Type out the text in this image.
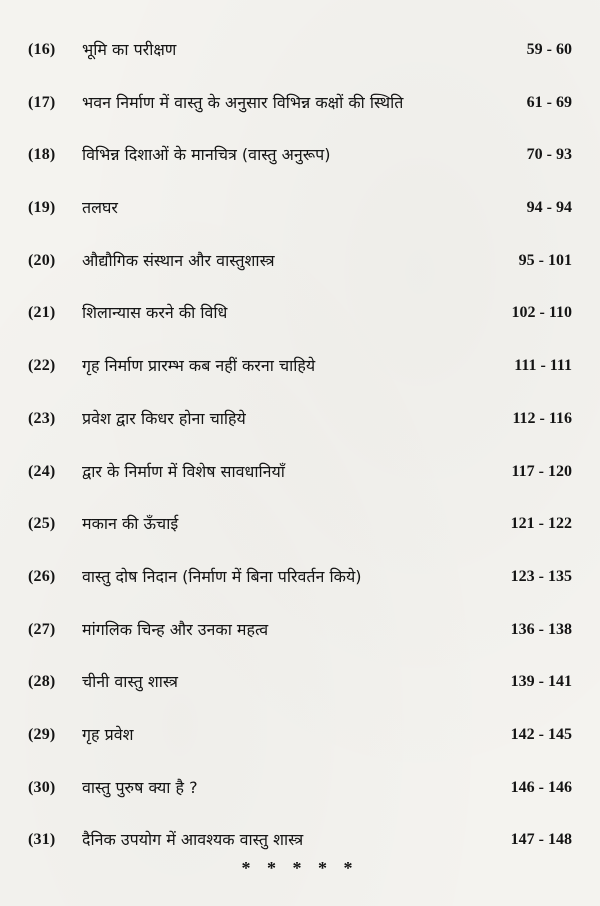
(16) भूमि का परीक्षण	59 - 60
(17) भवन निर्माण में वास्तु के अनुसार विभिन्न कक्षों की स्थिति	61 - 69
(18) विभिन्न दिशाओं के मानचित्र (वास्तु अनुरूप)	70 - 93
(19) तलघर	94 - 94
(20) औद्यौगिक संस्थान और वास्तुशास्त्र	95 - 101
(21) शिलान्यास करने की विधि	102 - 110
(22) गृह निर्माण प्रारम्भ कब नहीं करना चाहिये	111 - 111
(23) प्रवेश द्वार किधर होना चाहिये	112 - 116
(24) द्वार के निर्माण में विशेष सावधानियाँ	117 - 120
(25) मकान की ऊँचाई	121 - 122
(26) वास्तु दोष निदान (निर्माण में बिना परिवर्तन किये)	123 - 135
(27) मांगलिक चिन्ह और उनका महत्व	136 - 138
(28) चीनी वास्तु शास्त्र	139 - 141
(29) गृह प्रवेश	142 - 145
(30) वास्तु पुरुष क्या है ?	146 - 146
(31) दैनिक उपयोग में आवश्यक वास्तु शास्त्र	147 - 148
* * * * *
